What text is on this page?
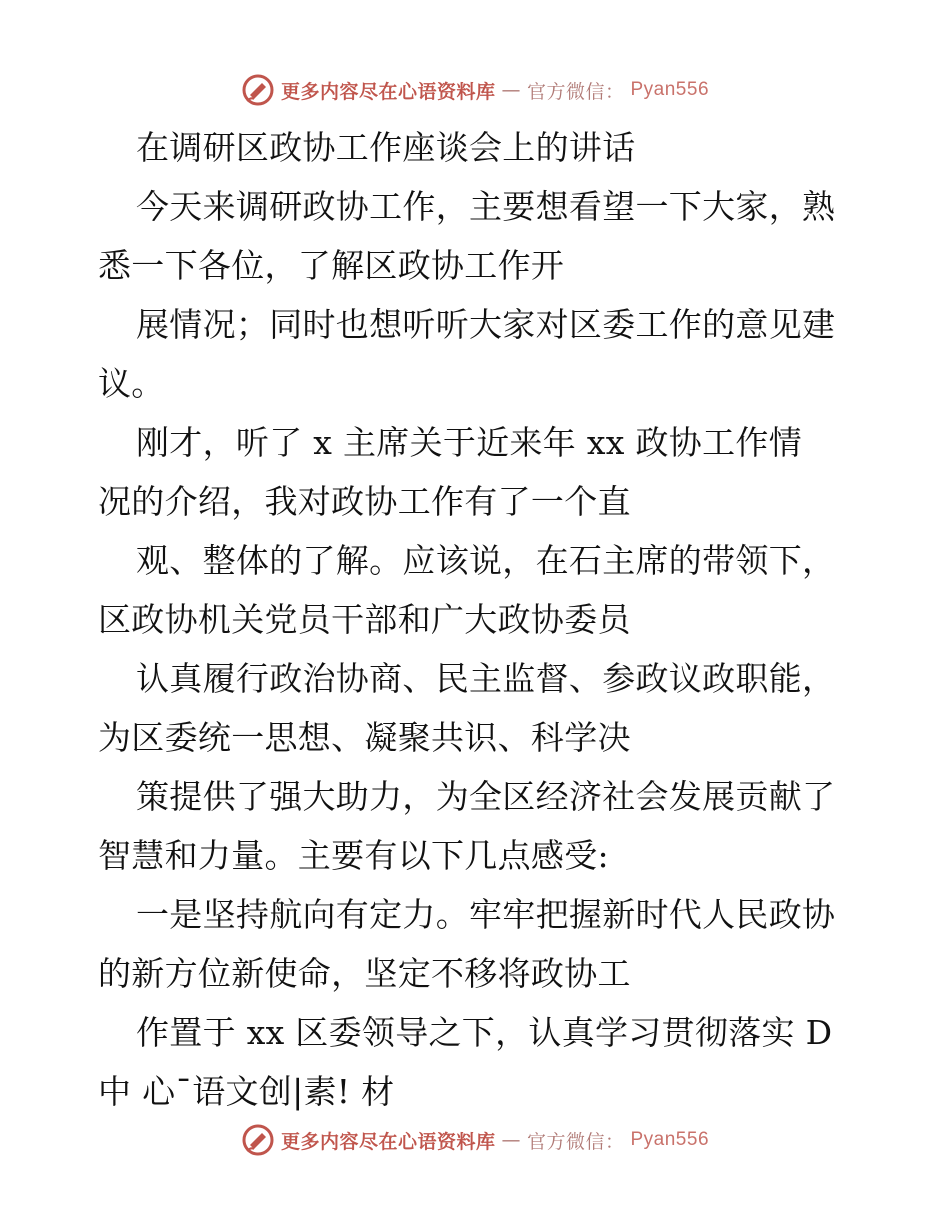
更多内容尽在心语资料库 — 官方微信： Pyan556
在调研区政协工作座谈会上的讲话
今天来调研政协工作，主要想看望一下大家，熟
悉一下各位，了解区政协工作开
展情况；同时也想听听大家对区委工作的意见建
议。
刚才，听了 x 主席关于近来年 xx 政协工作情
况的介绍，我对政协工作有了一个直
观、整体的了解。应该说，在石主席的带领下，
区政协机关党员干部和广大政协委员
认真履行政治协商、民主监督、参政议政职能，
为区委统一思想、凝聚共识、科学决
策提供了强大助力，为全区经济社会发展贡献了
智慧和力量。主要有以下几点感受:
一是坚持航向有定力。牢牢把握新时代人民政协
的新方位新使命，坚定不移将政协工
作置于 xx 区委领导之下，认真学习贯彻落实 D
中 心¯语文创|素! 材
更多内容尽在心语资料库 — 官方微信： Pyan556
